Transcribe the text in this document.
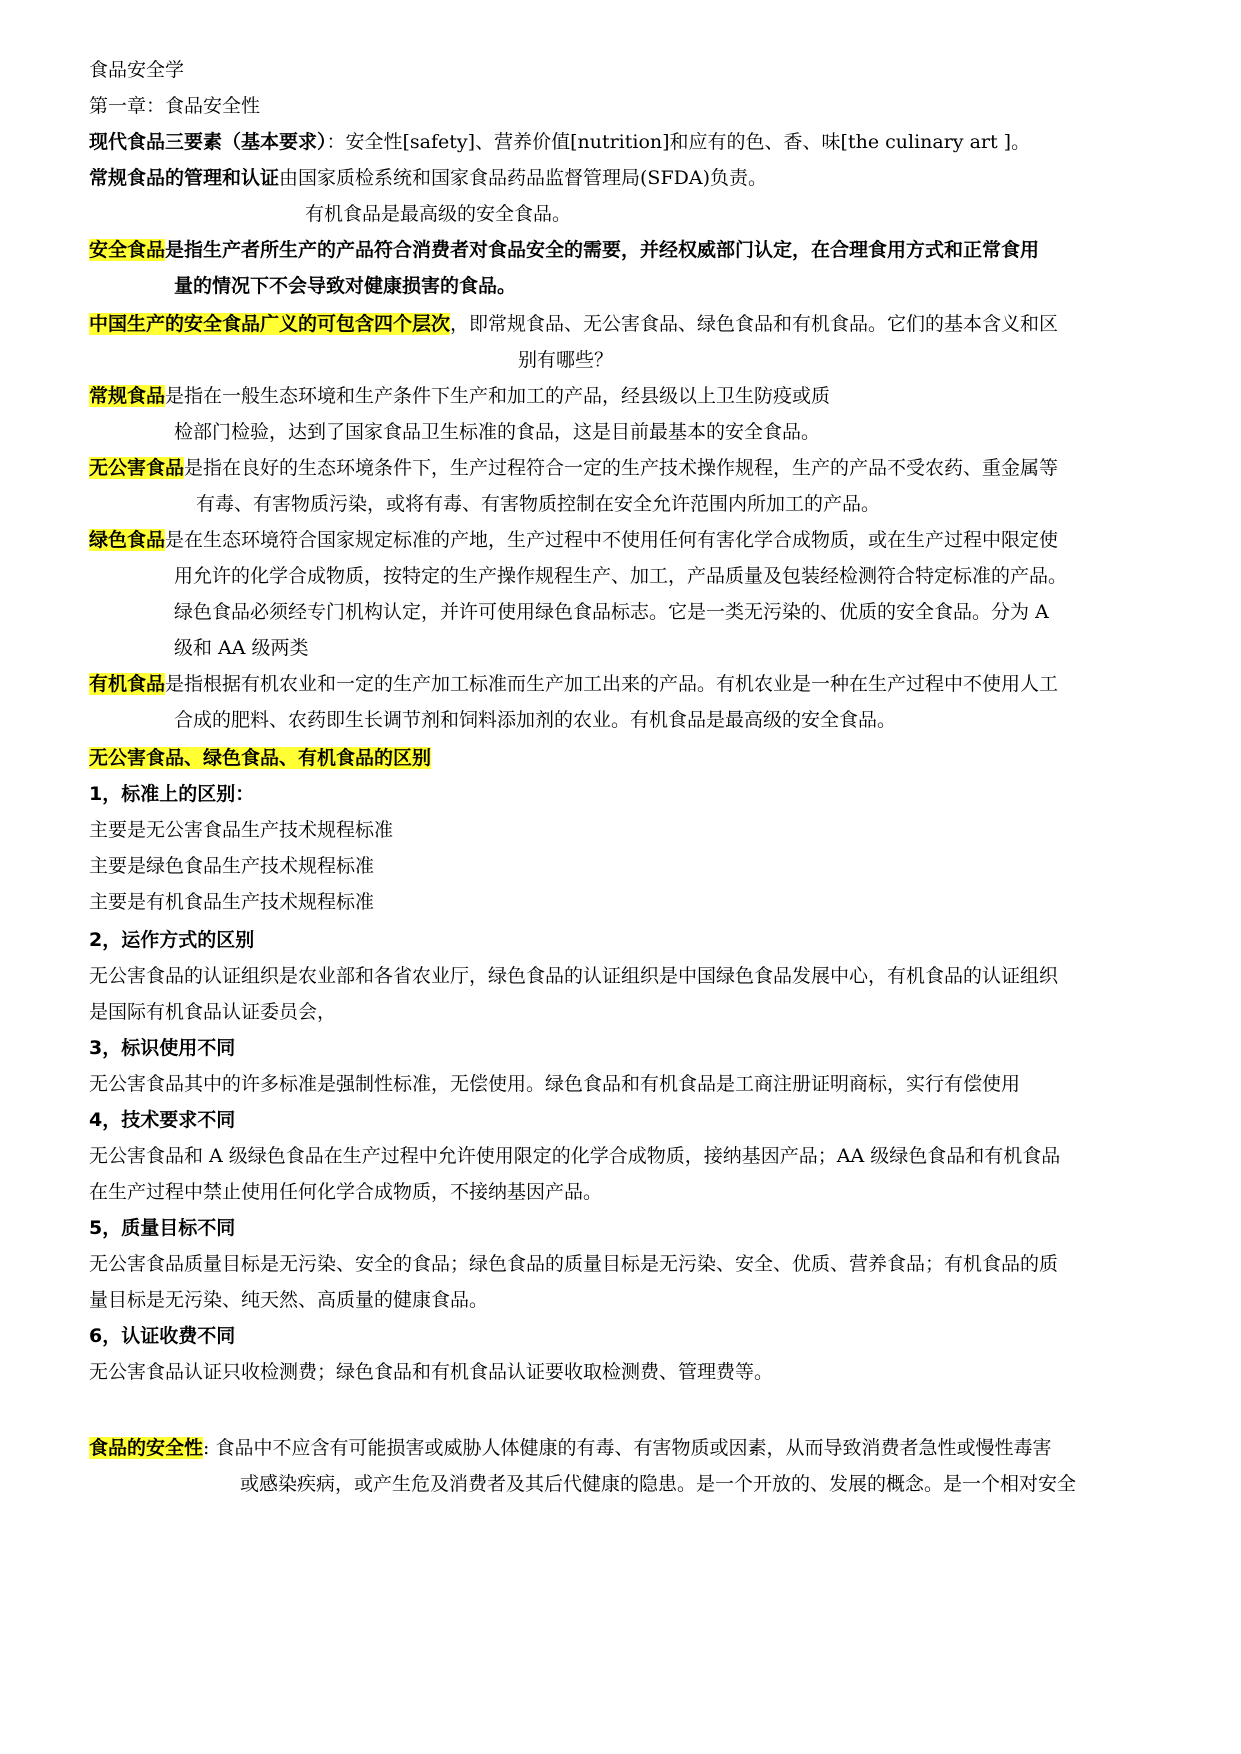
食品安全学
第一章：食品安全性
现代食品三要素（基本要求）：安全性[safety]、营养价值[nutrition]和应有的色、香、味[the culinary art ]。
常规食品的管理和认证由国家质检系统和国家食品药品监督管理局(SFDA)负责。
有机食品是最高级的安全食品。
安全食品是指生产者所生产的产品符合消费者对食品安全的需要，并经权威部门认定，在合理食用方式和正常食用
量的情况下不会导致对健康损害的食品。
中国生产的安全食品广义的可包含四个层次，即常规食品、无公害食品、绿色食品和有机食品。它们的基本含义和区
别有哪些？
常规食品是指在一般生态环境和生产条件下生产和加工的产品，经县级以上卫生防疫或质
检部门检验，达到了国家食品卫生标准的食品，这是目前最基本的安全食品。
无公害食品是指在良好的生态环境条件下，生产过程符合一定的生产技术操作规程，生产的产品不受农药、重金属等
有毒、有害物质污染，或将有毒、有害物质控制在安全允许范围内所加工的产品。
绿色食品是在生态环境符合国家规定标准的产地，生产过程中不使用任何有害化学合成物质，或在生产过程中限定使
用允许的化学合成物质，按特定的生产操作规程生产、加工，产品质量及包装经检测符合特定标准的产品。
绿色食品必须经专门机构认定，并许可使用绿色食品标志。它是一类无污染的、优质的安全食品。分为 A
级和 AA 级两类
有机食品是指根据有机农业和一定的生产加工标准而生产加工出来的产品。有机农业是一种在生产过程中不使用人工
合成的肥料、农药即生长调节剂和饲料添加剂的农业。有机食品是最高级的安全食品。
无公害食品、绿色食品、有机食品的区别
1，标准上的区别：
主要是无公害食品生产技术规程标准
主要是绿色食品生产技术规程标准
主要是有机食品生产技术规程标准
2，运作方式的区别
无公害食品的认证组织是农业部和各省农业厅，绿色食品的认证组织是中国绿色食品发展中心，有机食品的认证组织
是国际有机食品认证委员会，
3，标识使用不同
无公害食品其中的许多标准是强制性标准，无偿使用。绿色食品和有机食品是工商注册证明商标，实行有偿使用
4，技术要求不同
无公害食品和 A 级绿色食品在生产过程中允许使用限定的化学合成物质，接纳基因产品；AA 级绿色食品和有机食品
在生产过程中禁止使用任何化学合成物质，不接纳基因产品。
5，质量目标不同
无公害食品质量目标是无污染、安全的食品；绿色食品的质量目标是无污染、安全、优质、营养食品；有机食品的质
量目标是无污染、纯天然、高质量的健康食品。
6，认证收费不同
无公害食品认证只收检测费；绿色食品和有机食品认证要收取检测费、管理费等。
食品的安全性: 食品中不应含有可能损害或威胁人体健康的有毒、有害物质或因素，从而导致消费者急性或慢性毒害
或感染疾病，或产生危及消费者及其后代健康的隐患。是一个开放的、发展的概念。是一个相对安全
